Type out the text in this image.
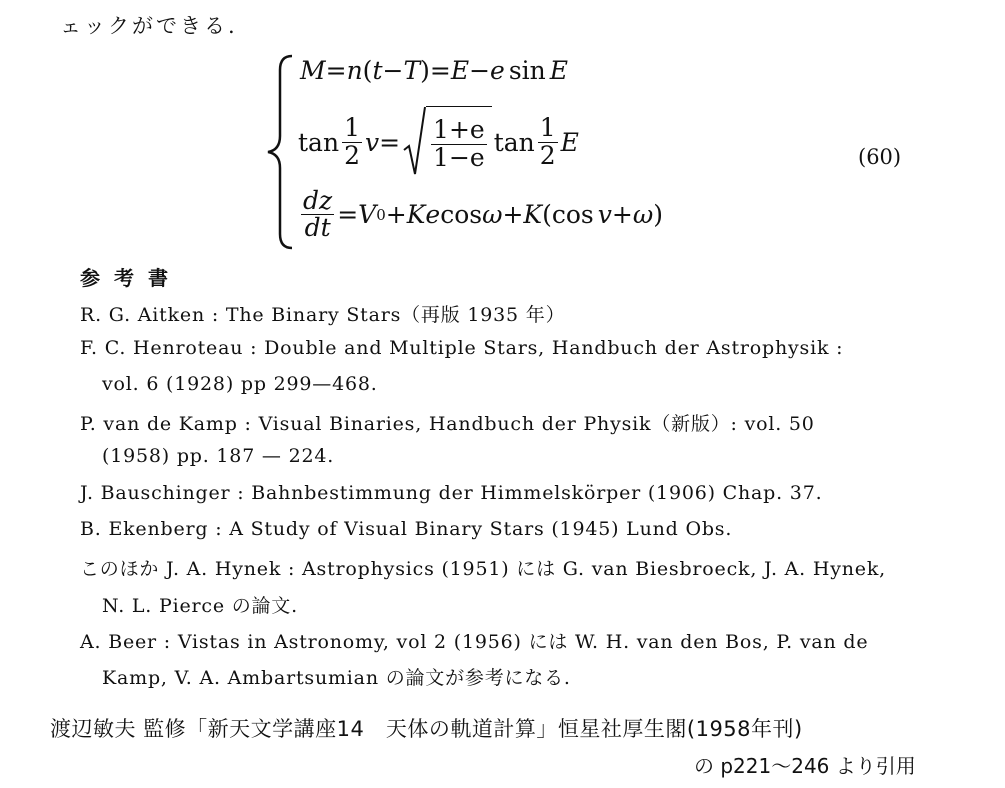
ェックができる.
M = n ( t − T ) = E − e sin E
$\tan \frac{1}{2}$ $v = \frac{1+e}{1-e}$ $\tan \frac{1}{2}$ E
$\frac{dz}{dt} = V$ 0 + K e cos ω + K ( cos v + ω )
(60)
参考書
R. G. Aitken : The Binary Stars（再版 1935 年）
F. C. Henroteau : Double and Multiple Stars, Handbuch der Astrophysik :
vol. 6 (1928) pp 299—468.
P. van de Kamp : Visual Binaries, Handbuch der Physik（新版）: vol. 50
(1958) pp. 187 — 224.
J. Bauschinger : Bahnbestimmung der Himmelskörper (1906) Chap. 37.
B. Ekenberg : A Study of Visual Binary Stars (1945) Lund Obs.
このほか J. A. Hynek : Astrophysics (1951) には G. van Biesbroeck, J. A. Hynek,
N. L. Pierce の論文.
A. Beer : Vistas in Astronomy, vol 2 (1956) には W. H. van den Bos, P. van de
Kamp, V. A. Ambartsumian の論文が参考になる.
渡辺敏夫 監修「新天文学講座14　天体の軌道計算」恒星社厚生閣(1958年刊)
の p221～246 より引用
